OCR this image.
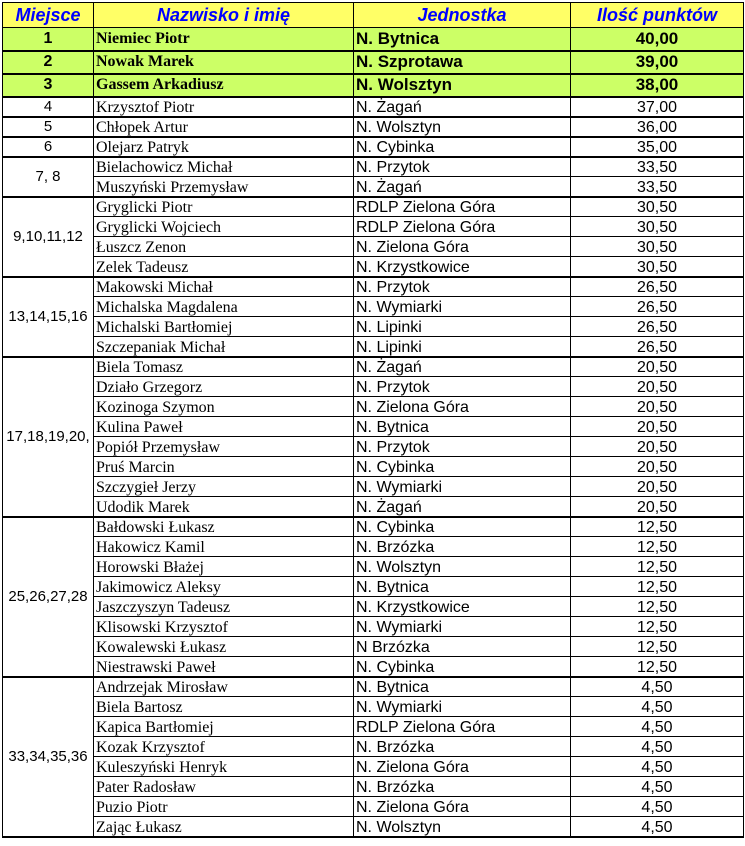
Miejsce	Nazwisko i imię	Jednostka	Ilość punktów
1	Niemiec Piotr	N. Bytnica	40,00
2	Nowak Marek	N. Szprotawa	39,00
3	Gassem Arkadiusz	N. Wolsztyn	38,00
4	Krzysztof Piotr	N. Żagań	37,00
5	Chłopek Artur	N. Wolsztyn	36,00
6	Olejarz Patryk	N. Cybinka	35,00
7, 8	Bielachowicz Michał	N. Przytok	33,50
	Muszyński Przemysław	N. Żagań	33,50
9,10,11,12	Gryglicki Piotr	RDLP Zielona Góra	30,50
	Gryglicki Wojciech	RDLP Zielona Góra	30,50
	Łuszcz Zenon	N. Zielona Góra	30,50
	Zelek Tadeusz	N. Krzystkowice	30,50
13,14,15,16	Makowski Michał	N. Przytok	26,50
	Michalska Magdalena	N. Wymiarki	26,50
	Michalski Bartłomiej	N. Lipinki	26,50
	Szczepaniak Michał	N. Lipinki	26,50
17,18,19,20,	Biela Tomasz	N. Żagań	20,50
	Działo Grzegorz	N. Przytok	20,50
	Kozinoga Szymon	N. Zielona Góra	20,50
	Kulina Paweł	N. Bytnica	20,50
	Popiół Przemysław	N. Przytok	20,50
	Pruś Marcin	N. Cybinka	20,50
	Szczygieł Jerzy	N. Wymiarki	20,50
	Udodik Marek	N. Żagań	20,50
25,26,27,28	Bałdowski Łukasz	N. Cybinka	12,50
	Hakowicz Kamil	N. Brzózka	12,50
	Horowski Błażej	N. Wolsztyn	12,50
	Jakimowicz Aleksy	N. Bytnica	12,50
	Jaszczyszyn Tadeusz	N. Krzystkowice	12,50
	Klisowski Krzysztof	N. Wymiarki	12,50
	Kowalewski Łukasz	N Brzózka	12,50
	Niestrawski Paweł	N. Cybinka	12,50
33,34,35,36	Andrzejak Mirosław	N. Bytnica	4,50
	Biela Bartosz	N. Wymiarki	4,50
	Kapica Bartłomiej	RDLP Zielona Góra	4,50
	Kozak Krzysztof	N. Brzózka	4,50
	Kuleszyński Henryk	N. Zielona Góra	4,50
	Pater Radosław	N. Brzózka	4,50
	Puzio Piotr	N. Zielona Góra	4,50
	Zając Łukasz	N. Wolsztyn	4,50
